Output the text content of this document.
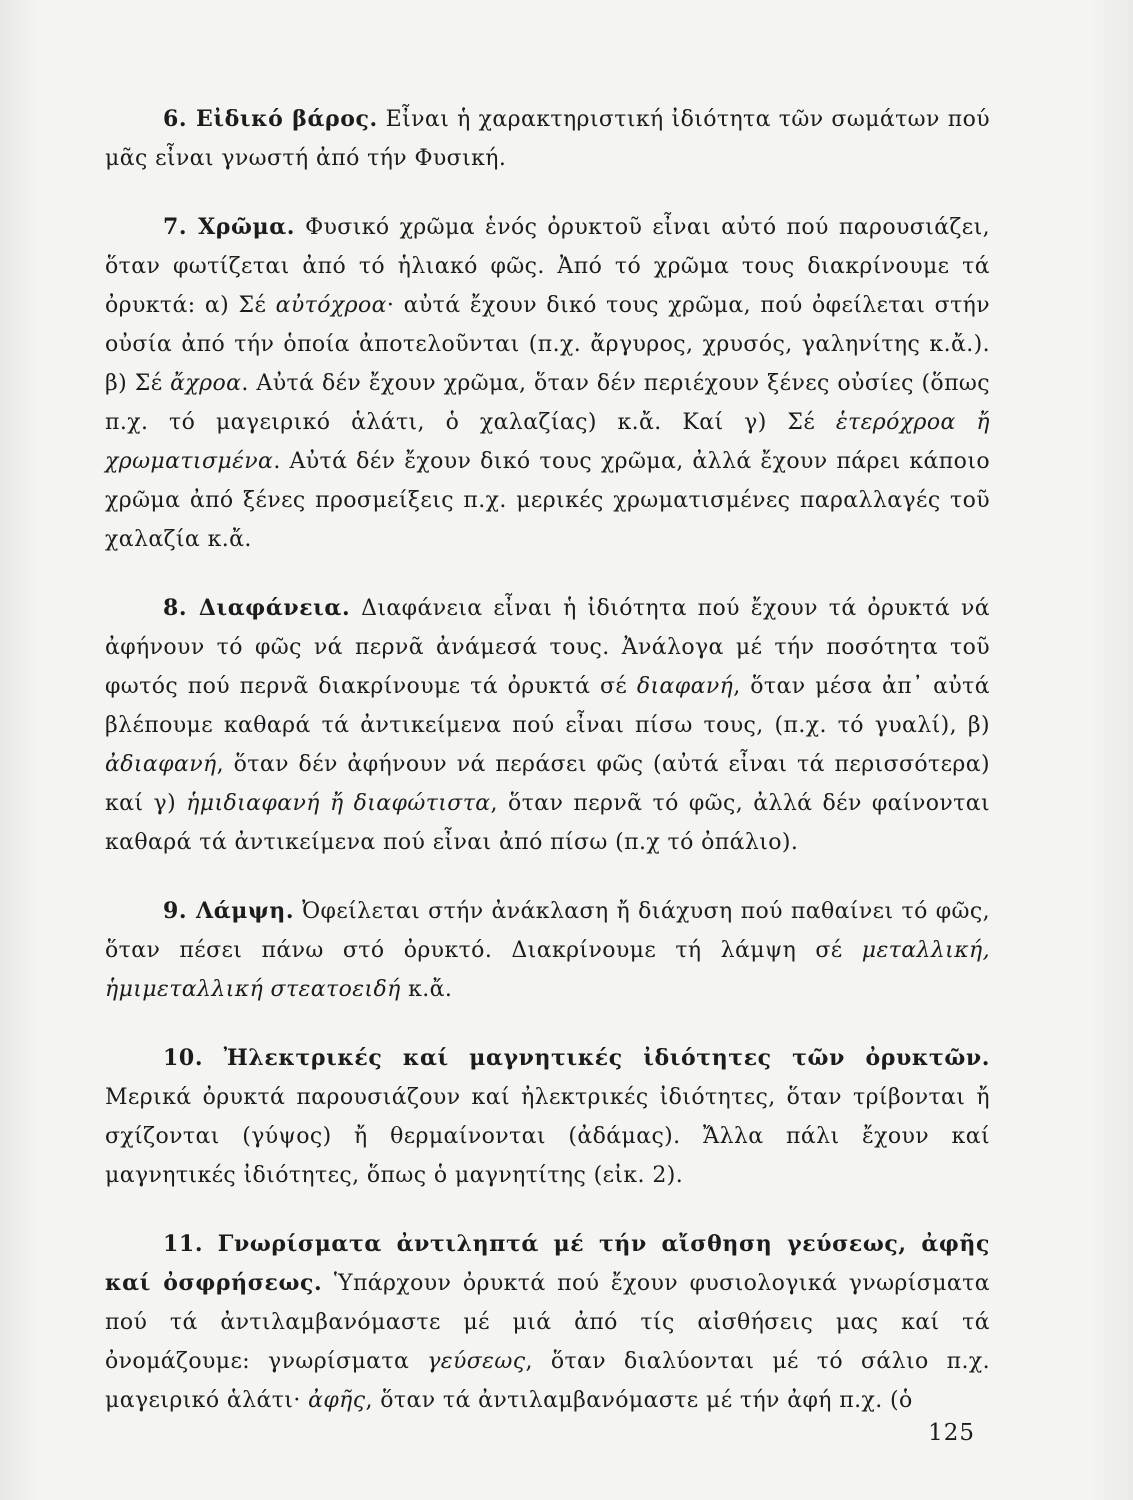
6. Εἰδικό βάρος. Εἶναι ἡ χαρακτηριστική ἰδιότητα τῶν σωμάτων πού μᾶς εἶναι γνωστή ἀπό τήν Φυσική.

7. Χρῶμα. Φυσικό χρῶμα ἑνός ὀρυκτοῦ εἶναι αὐτό πού παρουσιάζει, ὅταν φωτίζεται ἀπό τό ἡλιακό φῶς. Ἀπό τό χρῶμα τους διακρίνουμε τά ὀρυκτά: α) Σέ αὐτόχροα· αὐτά ἔχουν δικό τους χρῶμα, πού ὀφείλεται στήν οὐσία ἀπό τήν ὁποία ἀποτελοῦνται (π.χ. ἄργυρος, χρυσός, γαληνίτης κ.ἄ.). β) Σέ ἄχροα. Αὐτά δέν ἔχουν χρῶμα, ὅταν δέν περιέχουν ξένες οὐσίες (ὅπως π.χ. τό μαγειρικό ἁλάτι, ὁ χαλαζίας) κ.ἄ. Καί γ) Σέ ἑτερόχροα ἤ χρωματισμένα. Αὐτά δέν ἔχουν δικό τους χρῶμα, ἀλλά ἔχουν πάρει κάποιο χρῶμα ἀπό ξένες προσμείξεις π.χ. μερικές χρωματισμένες παραλλαγές τοῦ χαλαζία κ.ἄ.

8. Διαφάνεια. Διαφάνεια εἶναι ἡ ἰδιότητα πού ἔχουν τά ὀρυκτά νά ἀφήνουν τό φῶς νά περνᾶ ἀνάμεσά τους. Ἀνάλογα μέ τήν ποσότητα τοῦ φωτός πού περνᾶ διακρίνουμε τά ὀρυκτά σέ διαφανή, ὅταν μέσα ἀπ᾿ αὐτά βλέπουμε καθαρά τά ἀντικείμενα πού εἶναι πίσω τους, (π.χ. τό γυαλί), β) ἀδιαφανή, ὅταν δέν ἀφήνουν νά περάσει φῶς (αὐτά εἶναι τά περισσότερα) καί γ) ἡμιδιαφανή ἤ διαφώτιστα, ὅταν περνᾶ τό φῶς, ἀλλά δέν φαίνονται καθαρά τά ἀντικείμενα πού εἶναι ἀπό πίσω (π.χ τό ὀπάλιο).

9. Λάμψη. Ὀφείλεται στήν ἀνάκλαση ἤ διάχυση πού παθαίνει τό φῶς, ὅταν πέσει πάνω στό ὀρυκτό. Διακρίνουμε τή λάμψη σέ μεταλλική, ἡμιμεταλλική στεατοειδή κ.ἄ.

10. Ἠλεκτρικές καί μαγνητικές ἰδιότητες τῶν ὀρυκτῶν. Μερικά ὀρυκτά παρουσιάζουν καί ἠλεκτρικές ἰδιότητες, ὅταν τρίβονται ἤ σχίζονται (γύψος) ἤ θερμαίνονται (ἀδάμας). Ἄλλα πάλι ἔχουν καί μαγνητικές ἰδιότητες, ὅπως ὁ μαγνητίτης (εἰκ. 2).

11. Γνωρίσματα ἀντιληπτά μέ τήν αἴσθηση γεύσεως, ἀφῆς καί ὀσφρήσεως. Ὑπάρχουν ὀρυκτά πού ἔχουν φυσιολογικά γνωρίσματα πού τά ἀντιλαμβανόμαστε μέ μιά ἀπό τίς αἰσθήσεις μας καί τά ὀνομάζουμε: γνωρίσματα γεύσεως, ὅταν διαλύονται μέ τό σάλιο π.χ. μαγειρικό ἁλάτι· ἀφῆς, ὅταν τά ἀντιλαμβανόμαστε μέ τήν ἀφή π.χ. (ὁ

125
